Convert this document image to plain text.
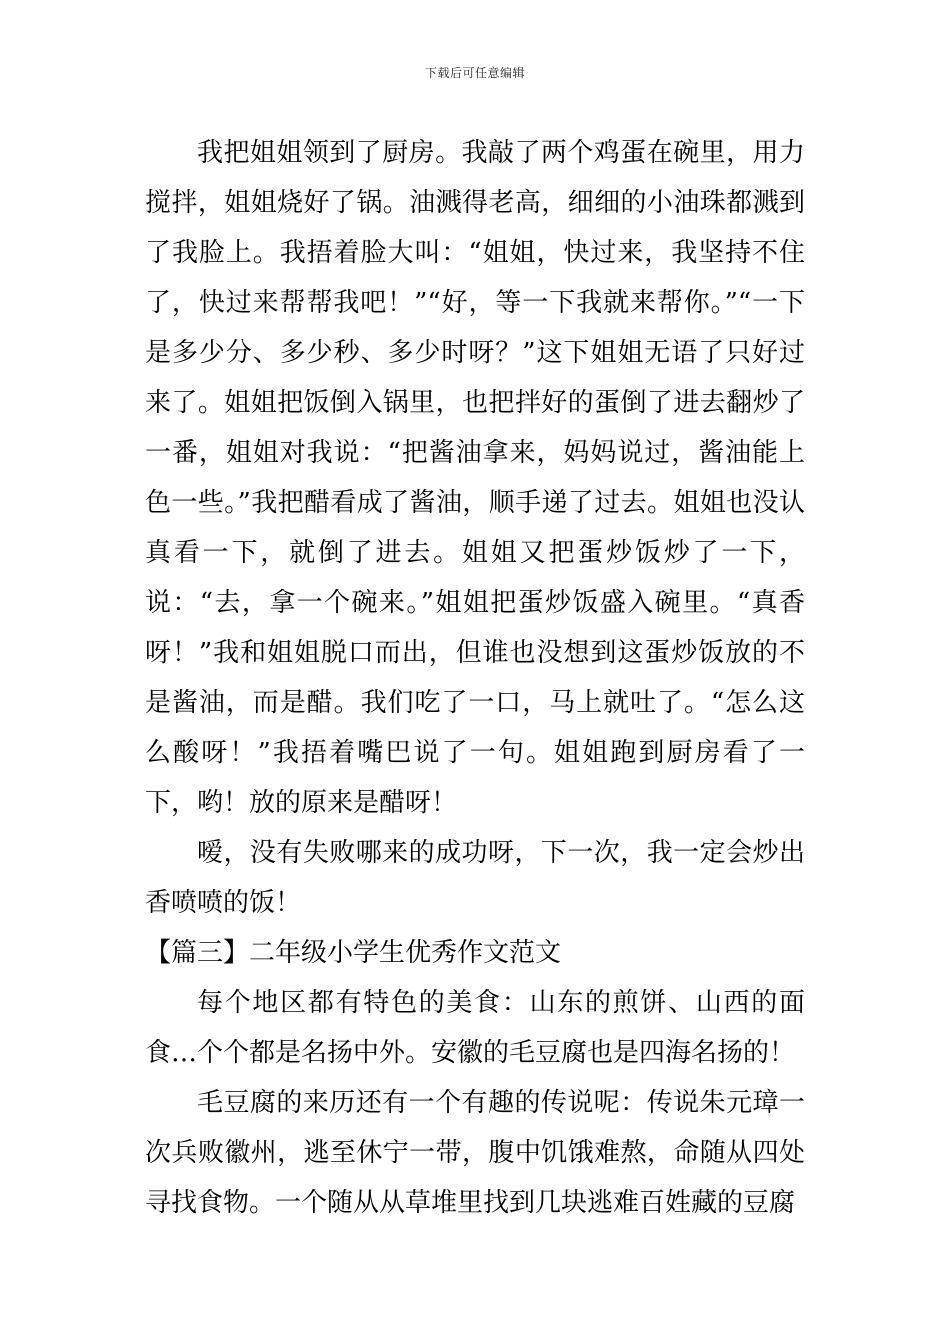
下载后可任意编辑

我把姐姐领到了厨房。我敲了两个鸡蛋在碗里，用力搅拌，姐姐烧好了锅。油溅得老高，细细的小油珠都溅到了我脸上。我捂着脸大叫：“姐姐，快过来，我坚持不住了，快过来帮帮我吧！”“好，等一下我就来帮你。”“一下是多少分、多少秒、多少时呀？”这下姐姐无语了只好过来了。姐姐把饭倒入锅里，也把拌好的蛋倒了进去翻炒了一番，姐姐对我说：“把酱油拿来，妈妈说过，酱油能上色一些。”我把醋看成了酱油，顺手递了过去。姐姐也没认真看一下，就倒了进去。姐姐又把蛋炒饭炒了一下，说：“去，拿一个碗来。”姐姐把蛋炒饭盛入碗里。“真香呀！”我和姐姐脱口而出，但谁也没想到这蛋炒饭放的不是酱油，而是醋。我们吃了一口，马上就吐了。“怎么这么酸呀！”我捂着嘴巴说了一句。姐姐跑到厨房看了一下，哟！放的原来是醋呀！

嗳，没有失败哪来的成功呀，下一次，我一定会炒出香喷喷的饭！

【篇三】二年级小学生优秀作文范文

每个地区都有特色的美食：山东的煎饼、山西的面食…个个都是名扬中外。安徽的毛豆腐也是四海名扬的！

毛豆腐的来历还有一个有趣的传说呢：传说朱元璋一次兵败徽州，逃至休宁一带，腹中饥饿难熬，命随从四处寻找食物。一个随从从草堆里找到几块逃难百姓藏的豆腐
